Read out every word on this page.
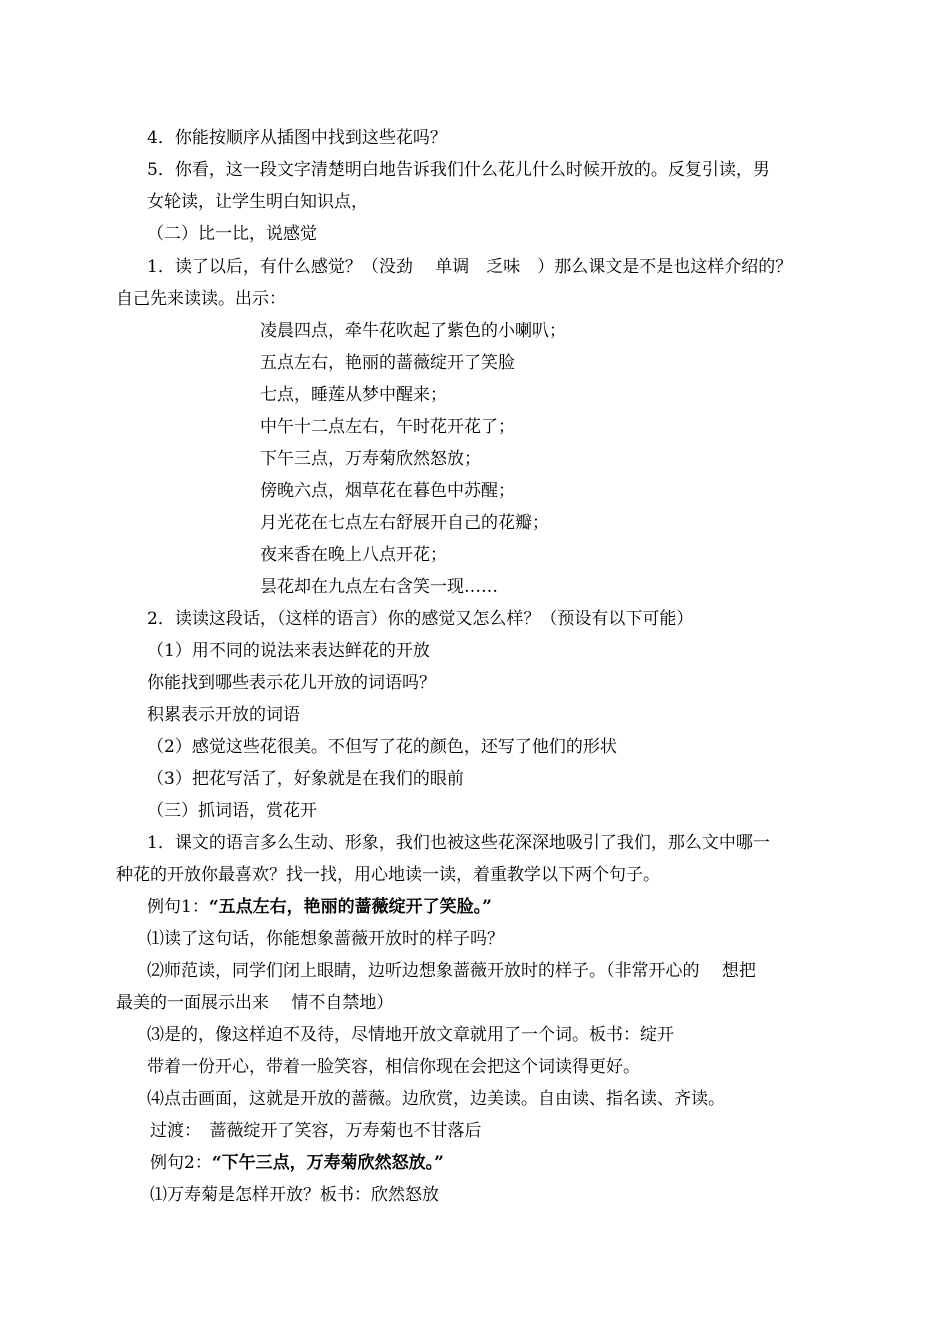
4．你能按顺序从插图中找到这些花吗？
5．你看，这一段文字清楚明白地告诉我们什么花儿什么时候开放的。反复引读，男
女轮读，让学生明白知识点，
（二）比一比，说感觉
1．读了以后，有什么感觉？（没劲　 单调　乏味　）那么课文是不是也这样介绍的？
自己先来读读。出示：
凌晨四点，牵牛花吹起了紫色的小喇叭；
五点左右，艳丽的蔷薇绽开了笑脸
七点，睡莲从梦中醒来；
中午十二点左右，午时花开花了；
下午三点，万寿菊欣然怒放；
傍晚六点，烟草花在暮色中苏醒；
月光花在七点左右舒展开自己的花瓣；
夜来香在晚上八点开花；
昙花却在九点左右含笑一现……
2．读读这段话，（这样的语言）你的感觉又怎么样？（预设有以下可能）
（1）用不同的说法来表达鲜花的开放
你能找到哪些表示花儿开放的词语吗？
积累表示开放的词语
（2）感觉这些花很美。不但写了花的颜色，还写了他们的形状
（3）把花写活了，好象就是在我们的眼前
（三）抓词语，赏花开
1．课文的语言多么生动、形象，我们也被这些花深深地吸引了我们，那么文中哪一
种花的开放你最喜欢？找一找，用心地读一读，着重教学以下两个句子。
例句1：“五点左右，艳丽的蔷薇绽开了笑脸。”
⑴读了这句话，你能想象蔷薇开放时的样子吗？
⑵师范读，同学们闭上眼睛，边听边想象蔷薇开放时的样子。（非常开心的　 想把
最美的一面展示出来　 情不自禁地）
⑶是的，像这样迫不及待，尽情地开放文章就用了一个词。板书：绽开
带着一份开心，带着一脸笑容，相信你现在会把这个词读得更好。
⑷点击画面，这就是开放的蔷薇。边欣赏，边美读。自由读、指名读、齐读。
过渡：　蔷薇绽开了笑容，万寿菊也不甘落后
例句2：“下午三点，万寿菊欣然怒放。”
⑴万寿菊是怎样开放？板书：欣然怒放
